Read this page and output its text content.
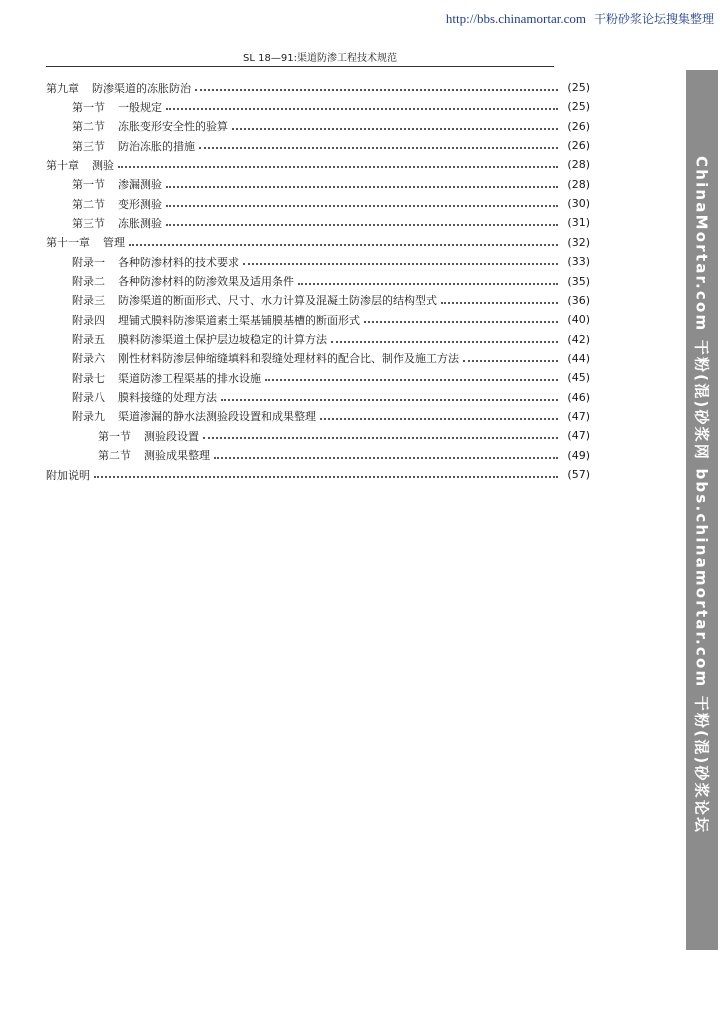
http://bbs.chinamortar.com 干粉砂浆论坛搜集整理
SL 18—91:渠道防渗工程技术规范
第九章 防渗渠道的冻胀防治	(25)
第一节 一般规定	(25)
第二节 冻胀变形安全性的验算	(26)
第三节 防治冻胀的措施	(26)
第十章 测验	(28)
第一节 渗漏测验	(28)
第二节 变形测验	(30)
第三节 冻胀测验	(31)
第十一章 管理	(32)
附录一 各种防渗材料的技术要求	(33)
附录二 各种防渗材料的防渗效果及适用条件	(35)
附录三 防渗渠道的断面形式、尺寸、水力计算及混凝土防渗层的结构型式	(36)
附录四 埋铺式膜料防渗渠道素土渠基铺膜基槽的断面形式	(40)
附录五 膜料防渗渠道土保护层边坡稳定的计算方法	(42)
附录六 刚性材料防渗层伸缩缝填料和裂缝处理材料的配合比、制作及施工方法	(44)
附录七 渠道防渗工程渠基的排水设施	(45)
附录八 膜料接缝的处理方法	(46)
附录九 渠道渗漏的静水法测验段设置和成果整理	(47)
第一节 测验段设置	(47)
第二节 测验成果整理	(49)
附加说明	(57)	ChinaMortar.com 干粉(混)砂浆网 bbs.chinamortar.com 干粉(混)砂浆论坛
